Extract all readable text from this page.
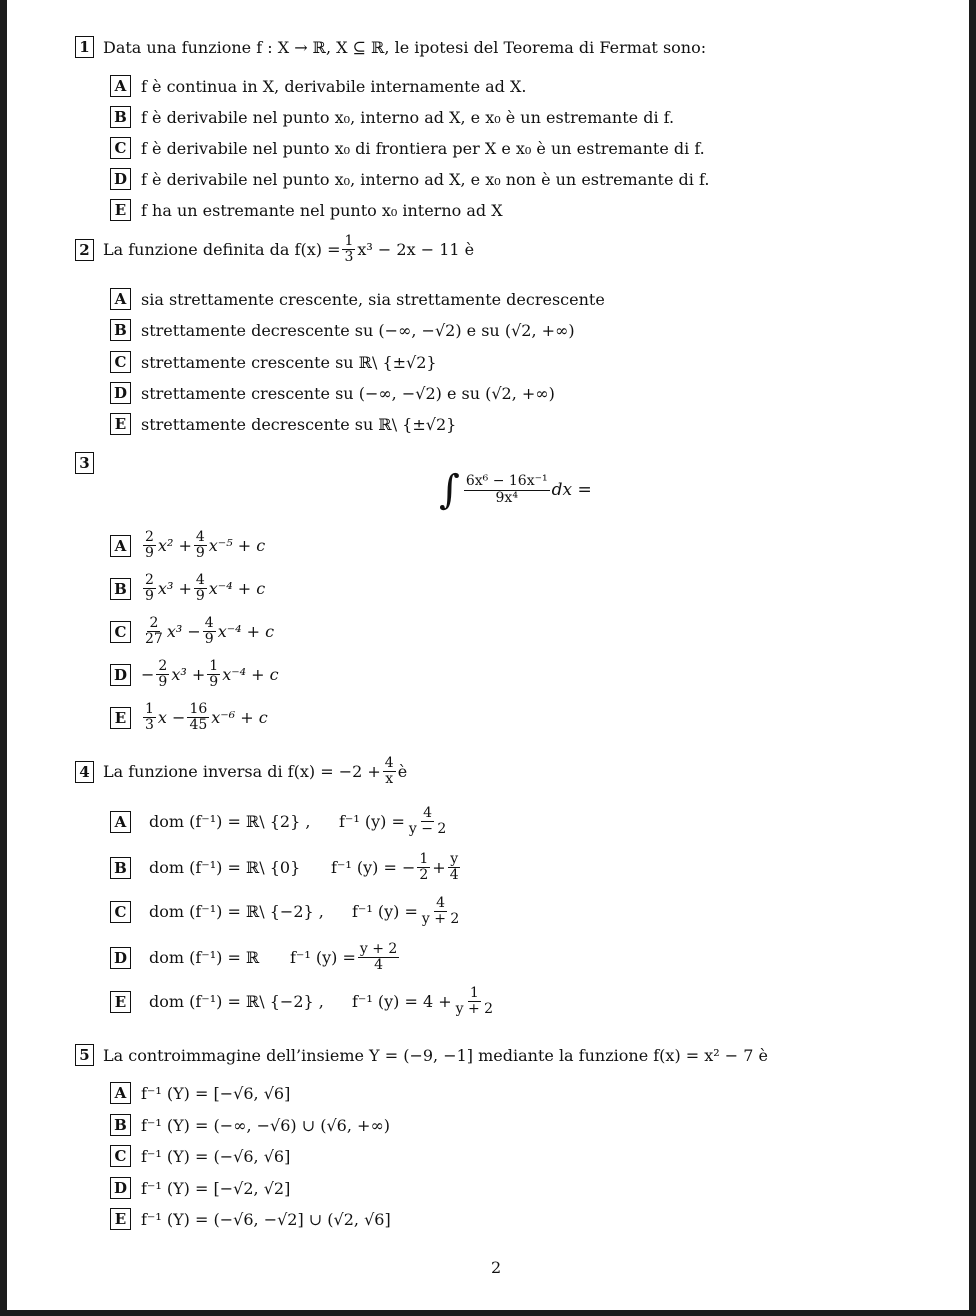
1 Data una funzione f : X → ℝ, X ⊆ ℝ, le ipotesi del Teorema di Fermat sono:
A f è continua in X, derivabile internamente ad X.
B f è derivabile nel punto x₀, interno ad X, e x₀ è un estremante di f.
C f è derivabile nel punto x₀ di frontiera per X e x₀ è un estremante di f.
D f è derivabile nel punto x₀, interno ad X, e x₀ non è un estremante di f.
E f ha un estremante nel punto x₀ interno ad X
2 La funzione definita da $f(x) = \frac{1}{3} x^3 - 2x - 11$ è
A sia strettamente crescente, sia strettamente decrescente
B strettamente decrescente su (−∞, −√2) e su (√2, +∞)
C strettamente crescente su ℝ\ {±√2}
D strettamente crescente su (−∞, −√2) e su (√2, +∞)
E strettamente decrescente su ℝ\ {±√2}
3
∫ $\frac{\text{6x⁶ − 16x⁻¹}}{\text{9x⁴}}$ dx =
A	$\frac{2}{9} x^2 + \frac{4}{9} x^{-5} + c$
B $\frac{2}{9} x^3 + \frac{4}{9} x^{-4} + c$
C	$\frac{2}{27} x^3 - \frac{4}{9} x^{-4} + c$
$D - \frac{2}{9} x^3 + \frac{1}{9} x^{-4} + c$
E	$\frac{1}{3}$ $x - \frac{16}{45} x^{-6} + c$
4 La funzione inversa di $f(x) = -2 + \frac{4}{x}$ è
A dom (f⁻¹) = ℝ\ {2} ,	f⁻¹ $(y) = \frac{4}{y - 2}$
B dom (f⁻¹) = ℝ\ {0}	f⁻¹ (y) = − $\frac{1}{2} + \frac{y}{4}$
C dom (f⁻¹) = ℝ\ {−2} ,	f⁻¹ $(y) = \frac{4}{y + 2}$
D dom (f⁻¹) = ℝ	f⁻¹ $(y) = \frac{y + 2}{4}$
E dom (f⁻¹) = ℝ\ {−2} ,	f⁻¹ $(y) = 4 + \frac{1}{y + 2}$
5 La controimmagine dell’insieme Y = (−9, −1] mediante la funzione f(x) = x² − 7 è
A f⁻¹ (Y) = [−√6, √6]
B f⁻¹ (Y) = (−∞, −√6) ∪ (√6, +∞)
C f⁻¹ (Y) = (−√6, √6]
D f⁻¹ (Y) = [−√2, √2]
E f⁻¹ (Y) = (−√6, −√2] ∪ (√2, √6]
2
